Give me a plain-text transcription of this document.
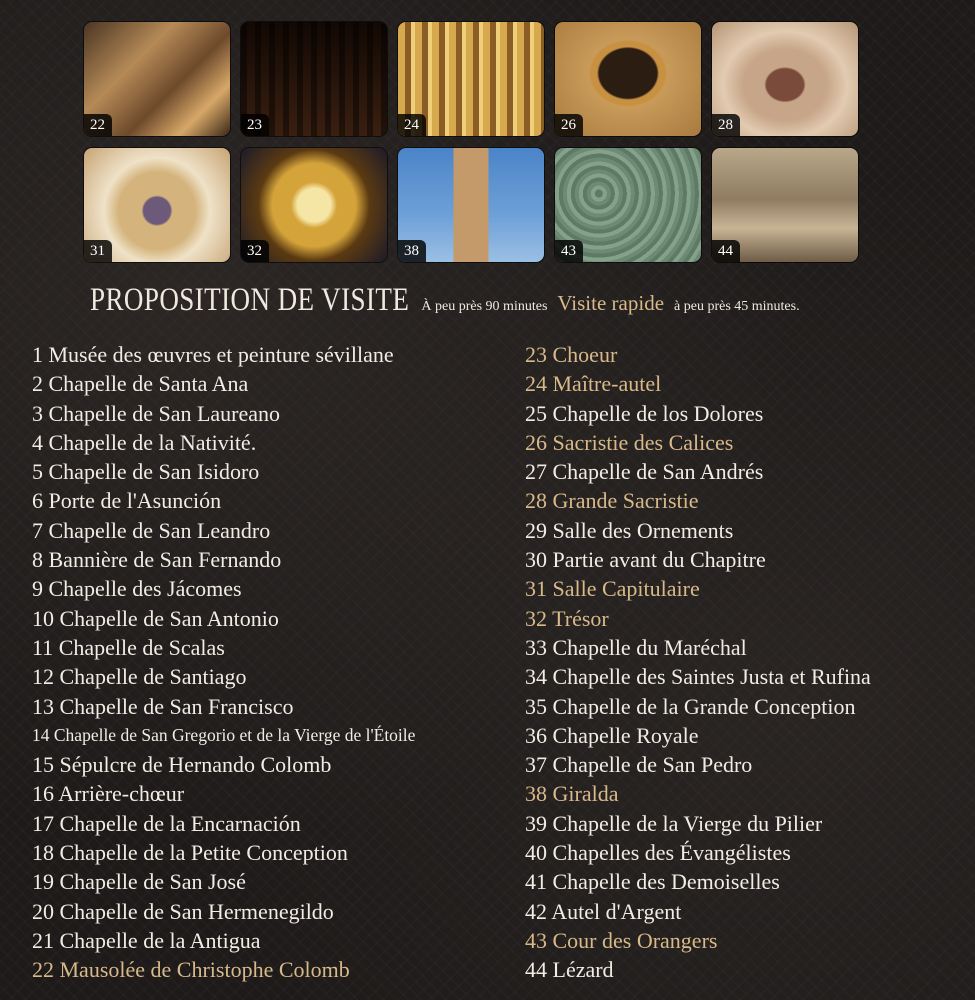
22	23	24	26	28
31	32	38	43	44
PROPOSITION DE VISITE À peu près 90 minutes Visite rapide à peu près 45 minutes.
1 Musée des œuvres et peinture sévillane
2 Chapelle de Santa Ana
3 Chapelle de San Laureano
4 Chapelle de la Nativité.
5 Chapelle de San Isidoro
6 Porte de l'Asunción
7 Chapelle de San Leandro
8 Bannière de San Fernando
9 Chapelle des Jácomes
10 Chapelle de San Antonio
11 Chapelle de Scalas
12 Chapelle de Santiago
13 Chapelle de San Francisco
14 Chapelle de San Gregorio et de la Vierge de l'Étoile
15 Sépulcre de Hernando Colomb
16 Arrière-chœur
17 Chapelle de la Encarnación
18 Chapelle de la Petite Conception
19 Chapelle de San José
20 Chapelle de San Hermenegildo
21 Chapelle de la Antigua
22 Mausolée de Christophe Colomb
23 Choeur
24 Maître-autel
25 Chapelle de los Dolores
26 Sacristie des Calices
27 Chapelle de San Andrés
28 Grande Sacristie
29 Salle des Ornements
30 Partie avant du Chapitre
31 Salle Capitulaire
32 Trésor
33 Chapelle du Maréchal
34 Chapelle des Saintes Justa et Rufina
35 Chapelle de la Grande Conception
36 Chapelle Royale
37 Chapelle de San Pedro
38 Giralda
39 Chapelle de la Vierge du Pilier
40 Chapelles des Évangélistes
41 Chapelle des Demoiselles
42 Autel d'Argent
43 Cour des Orangers
44 Lézard
